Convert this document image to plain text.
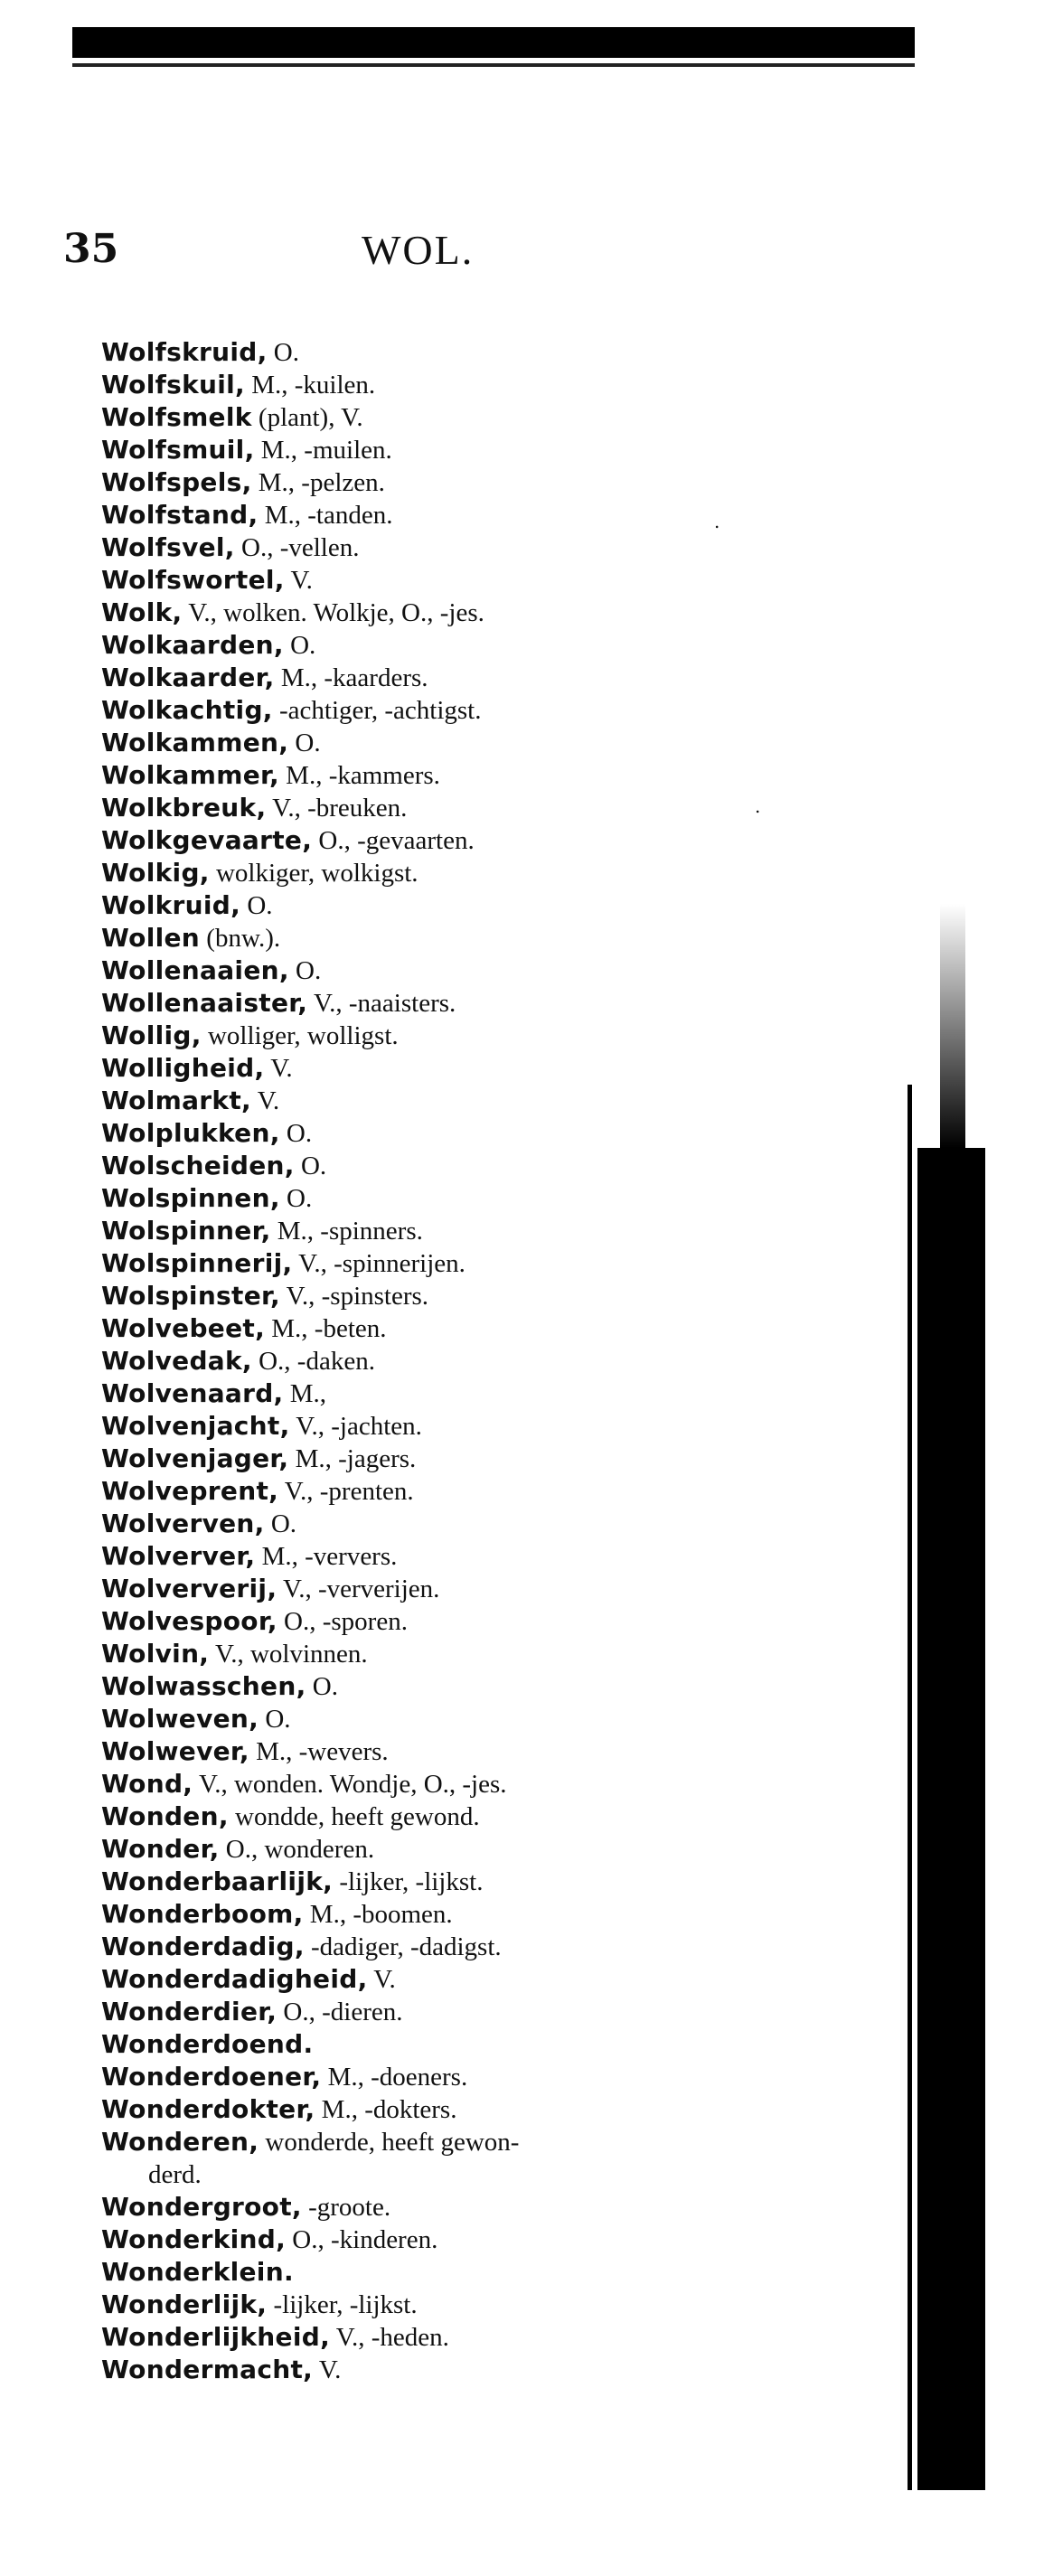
35	WOL.
Wolfskruid, O.
Wolfskuil, M., -kuilen.
Wolfsmelk (plant), V.
Wolfsmuil, M., -muilen.
Wolfspels, M., -pelzen.
Wolfstand, M., -tanden.
Wolfsvel, O., -vellen.
Wolfswortel, V.
Wolk, V., wolken. Wolkje, O., -jes.
Wolkaarden, O.
Wolkaarder, M., -kaarders.
Wolkachtig, -achtiger, -achtigst.
Wolkammen, O.
Wolkammer, M., -kammers.
Wolkbreuk, V., -breuken.
Wolkgevaarte, O., -gevaarten.
Wolkig, wolkiger, wolkigst.
Wolkruid, O.
Wollen (bnw.).
Wollenaaien, O.
Wollenaaister, V., -naaisters.
Wollig, wolliger, wolligst.
Wolligheid, V.
Wolmarkt, V.
Wolplukken, O.
Wolscheiden, O.
Wolspinnen, O.
Wolspinner, M., -spinners.
Wolspinnerij, V., -spinnerijen.
Wolspinster, V., -spinsters.
Wolvebeet, M., -beten.
Wolvedak, O., -daken.
Wolvenaard, M.,
Wolvenjacht, V., -jachten.
Wolvenjager, M., -jagers.
Wolveprent, V., -prenten.
Wolverven, O.
Wolverver, M., -ververs.
Wolververij, V., -ververijen.
Wolvespoor, O., -sporen.
Wolvin, V., wolvinnen.
Wolwasschen, O.
Wolweven, O.
Wolwever, M., -wevers.
Wond, V., wonden. Wondje, O., -jes.
Wonden, wondde, heeft gewond.
Wonder, O., wonderen.
Wonderbaarlijk, -lijker, -lijkst.
Wonderboom, M., -boomen.
Wonderdadig, -dadiger, -dadigst.
Wonderdadigheid, V.
Wonderdier, O., -dieren.
Wonderdoend.
Wonderdoener, M., -doeners.
Wonderdokter, M., -dokters.
Wonderen, wonderde, heeft gewon-
derd.
Wondergroot, -groote.
Wonderkind, O., -kinderen.
Wonderklein.
Wonderlijk, -lijker, -lijkst.
Wonderlijkheid, V., -heden.
Wondermacht, V.
.
.
